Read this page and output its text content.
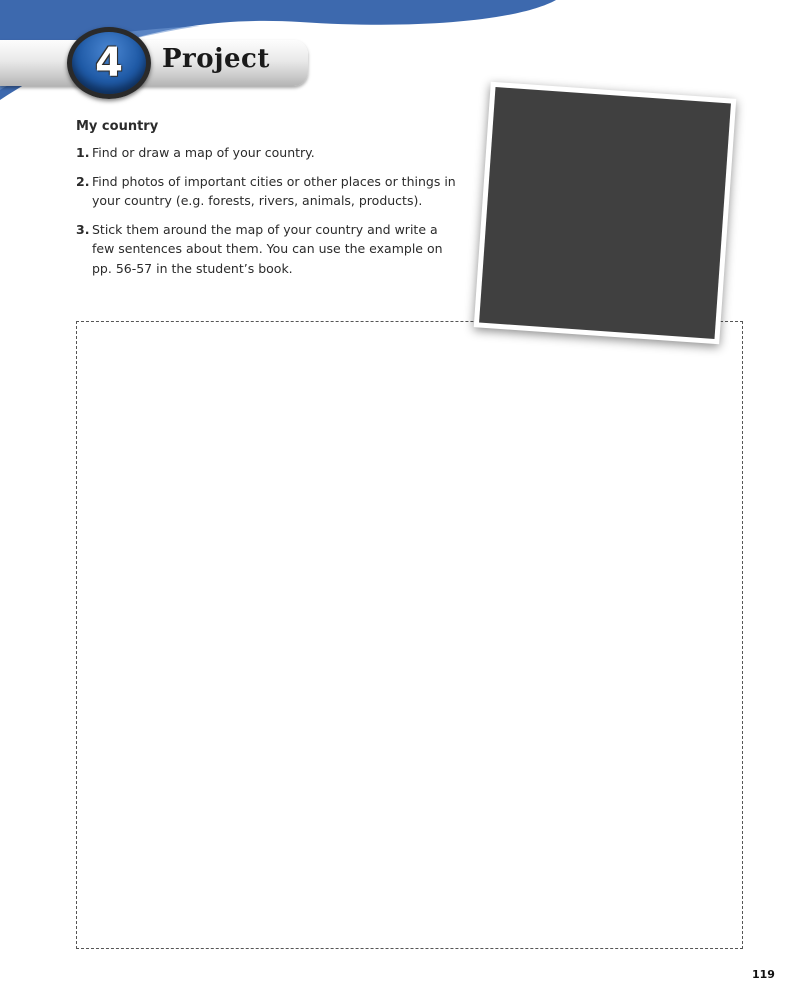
4	Project
My country
1. Find or draw a map of your country.
2. Find photos of important cities or other places or things in your country (e.g. forests, rivers, animals, products).
3. Stick them around the map of your country and write a few sentences about them. You can use the example on pp. 56-57 in the student’s book.
119
